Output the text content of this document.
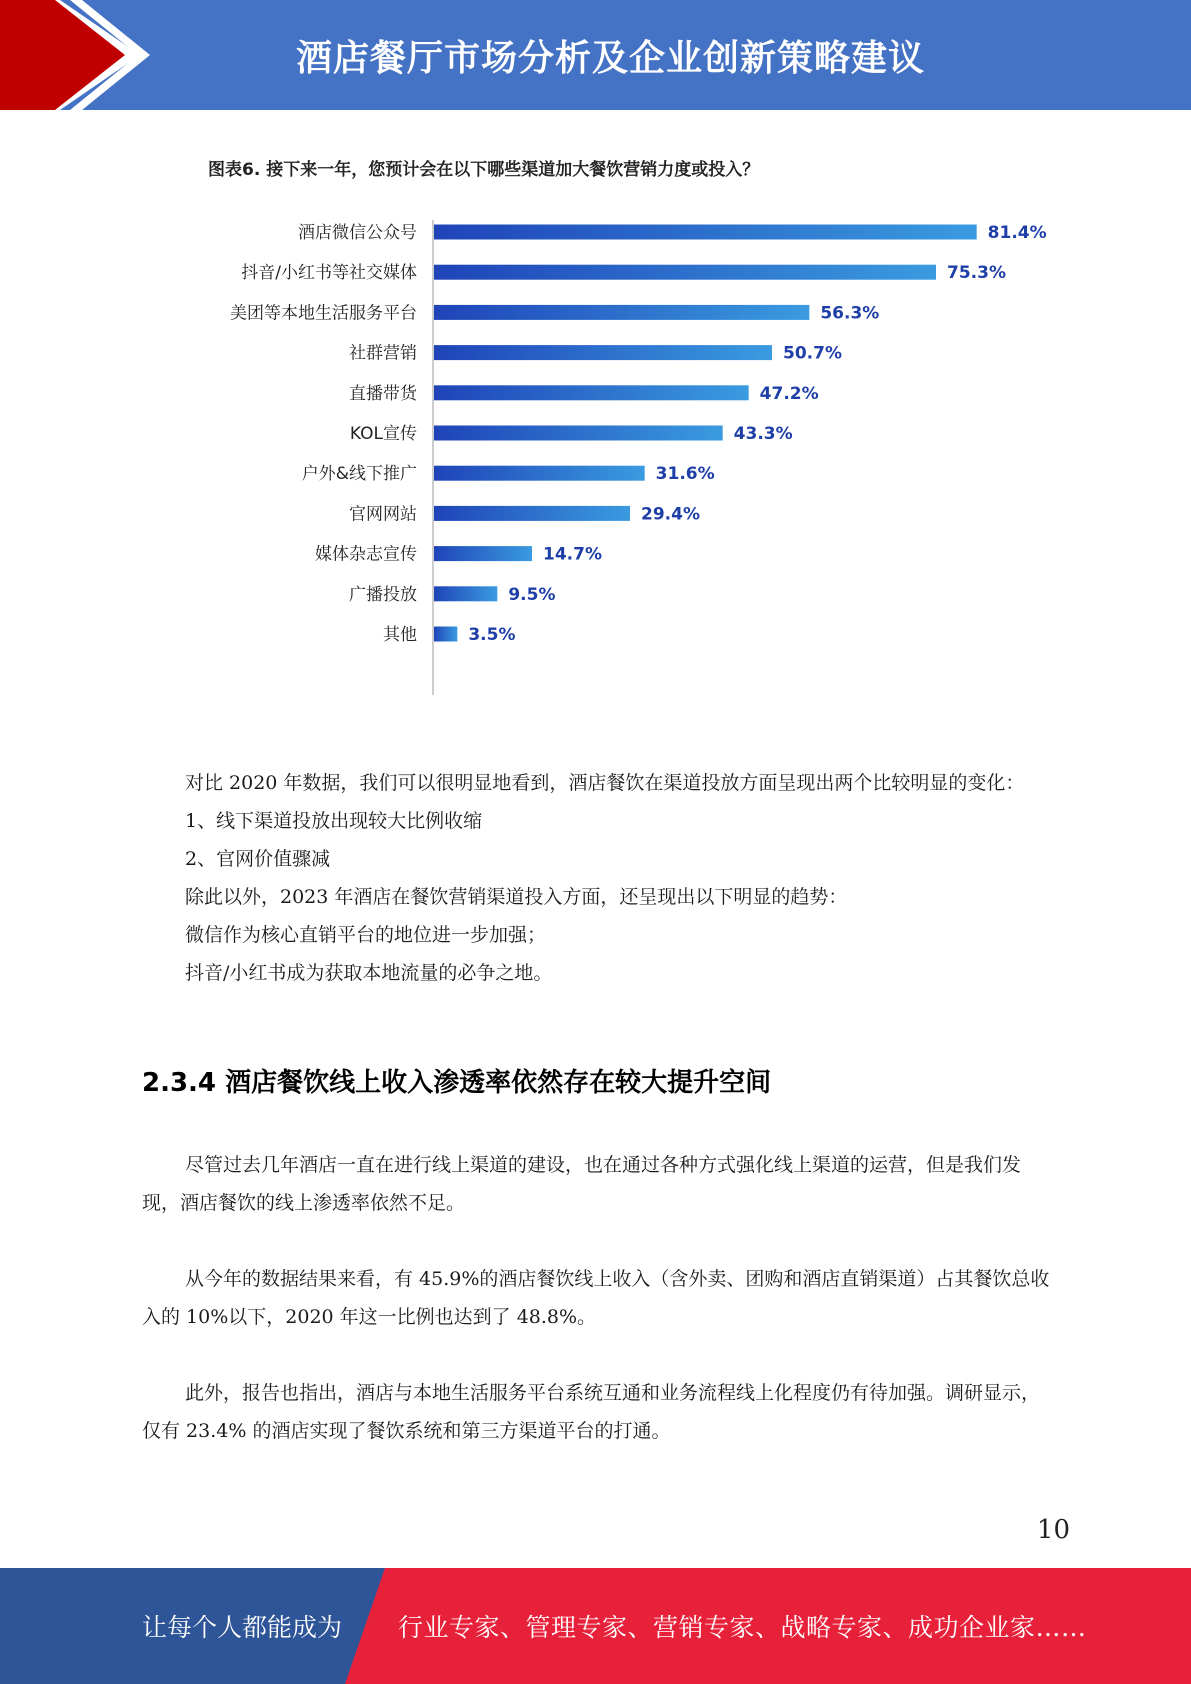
酒店餐厅市场分析及企业创新策略建议
图表6. 接下来一年，您预计会在以下哪些渠道加大餐饮营销力度或投入？
酒店微信公众号	81.4%
抖音/小红书等社交媒体	75.3%
美团等本地生活服务平台	56.3%
社群营销	50.7%
直播带货	47.2%
KOL宣传	43.3%
户外&线下推广	31.6%
官网网站	29.4%
媒体杂志宣传	14.7%
广播投放	9.5%
其他	3.5%

对比 2020 年数据，我们可以很明显地看到，酒店餐饮在渠道投放方面呈现出两个比较明显的变化：

1、线下渠道投放出现较大比例收缩

2、官网价值骤减

除此以外，2023 年酒店在餐饮营销渠道投入方面，还呈现出以下明显的趋势：

微信作为核心直销平台的地位进一步加强；

抖音/小红书成为获取本地流量的必争之地。

2.3.4 酒店餐饮线上收入渗透率依然存在较大提升空间

尽管过去几年酒店一直在进行线上渠道的建设，也在通过各种方式强化线上渠道的运营，但是我们发现，酒店餐饮的线上渗透率依然不足。

从今年的数据结果来看，有 45.9%的酒店餐饮线上收入（含外卖、团购和酒店直销渠道）占其餐饮总收入的 10%以下，2020 年这一比例也达到了 48.8%。

此外，报告也指出，酒店与本地生活服务平台系统互通和业务流程线上化程度仍有待加强。调研显示，仅有 23.4% 的酒店实现了餐饮系统和第三方渠道平台的打通。

10
让每个人都能成为 行业专家、管理专家、营销专家、战略专家、成功企业家……
